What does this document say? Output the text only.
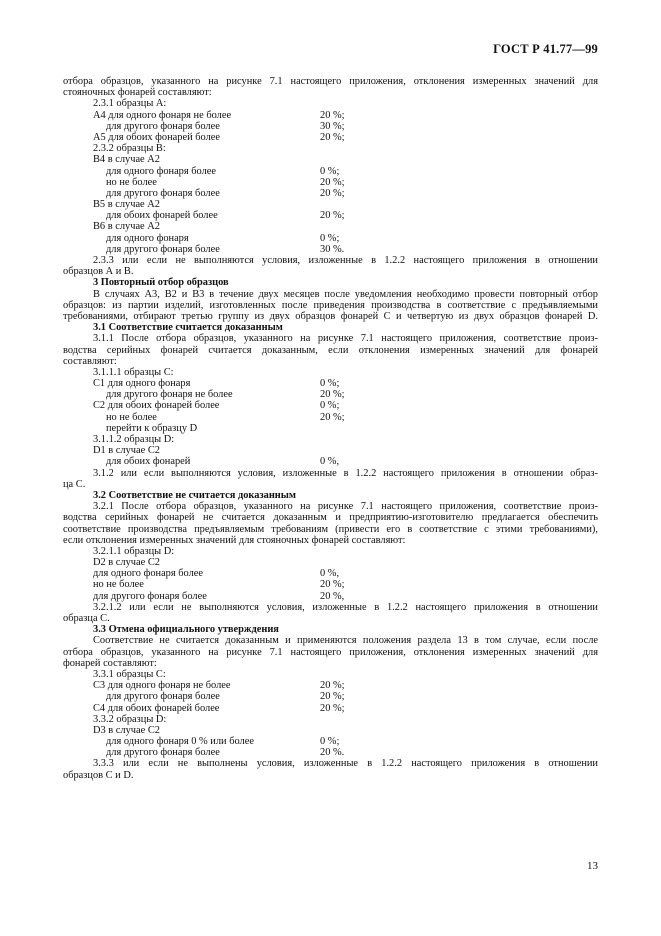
ГОСТ Р 41.77—99
отбора образцов, указанного на рисунке 7.1 настоящего приложения, отклонения измеренных значений для
стояночных фонарей составляют:
2.3.1 образцы А:
А4 для одного фонаря не более	20 %;
для другого фонаря более	30 %;
А5 для обоих фонарей более	20 %;
2.3.2 образцы В:
В4 в случае А2
для одного фонаря более	0 %;
но не более	20 %;
для другого фонаря более	20 %;
В5 в случае А2
для обоих фонарей более	20 %;
В6 в случае А2
для одного фонаря	0 %;
для другого фонаря более	30 %.
2.3.3 или если не выполняются условия, изложенные в 1.2.2 настоящего приложения в отношении
образцов А и В.
3 Повторный отбор образцов
В случаях А3, В2 и В3 в течение двух месяцев после уведомления необходимо провести повторный отбор
образцов: из партии изделий, изготовленных после приведения производства в соответствие с предъявляемыми
требованиями, отбирают третью группу из двух образцов фонарей С и четвертую из двух образцов фонарей D.
3.1 Соответствие считается доказанным
3.1.1 После отбора образцов, указанного на рисунке 7.1 настоящего приложения, соответствие произ-
водства серийных фонарей считается доказанным, если отклонения измеренных значений для фонарей
составляют:
3.1.1.1 образцы С:
С1 для одного фонаря	0 %;
для другого фонаря не более	20 %;
С2 для обоих фонарей более	0 %;
но не более	20 %;
перейти к образцу D
3.1.1.2 образцы D:
D1 в случае С2
для обоих фонарей	0 %,
3.1.2 или если выполняются условия, изложенные в 1.2.2 настоящего приложения в отношении образ-
ца С.
3.2 Соответствие не считается доказанным
3.2.1 После отбора образцов, указанного на рисунке 7.1 настоящего приложения, соответствие произ-
водства серийных фонарей не считается доказанным и предприятию-изготовителю предлагается обеспечить
соответствие производства предъявляемым требованиям (привести его в соответствие с этими требованиями),
если отклонения измеренных значений для стояночных фонарей составляют:
3.2.1.1 образцы D:
D2 в случае С2
для одного фонаря более	0 %,
но не более	20 %;
для другого фонаря более	20 %,
3.2.1.2 или если не выполняются условия, изложенные в 1.2.2 настоящего приложения в отношении
образца С.
3.3 Отмена официального утверждения
Соответствие не считается доказанным и применяются положения раздела 13 в том случае, если после
отбора образцов, указанного на рисунке 7.1 настоящего приложения, отклонения измеренных значений для
фонарей составляют:
3.3.1 образцы С:
С3 для одного фонаря не более	20 %;
для другого фонаря более	20 %;
С4 для обоих фонарей более	20 %;
3.3.2 образцы D:
D3 в случае С2
для одного фонаря 0 % или более	0 %;
для другого фонаря более	20 %.
3.3.3 или если не выполнены условия, изложенные в 1.2.2 настоящего приложения в отношении
образцов С и D.
13
